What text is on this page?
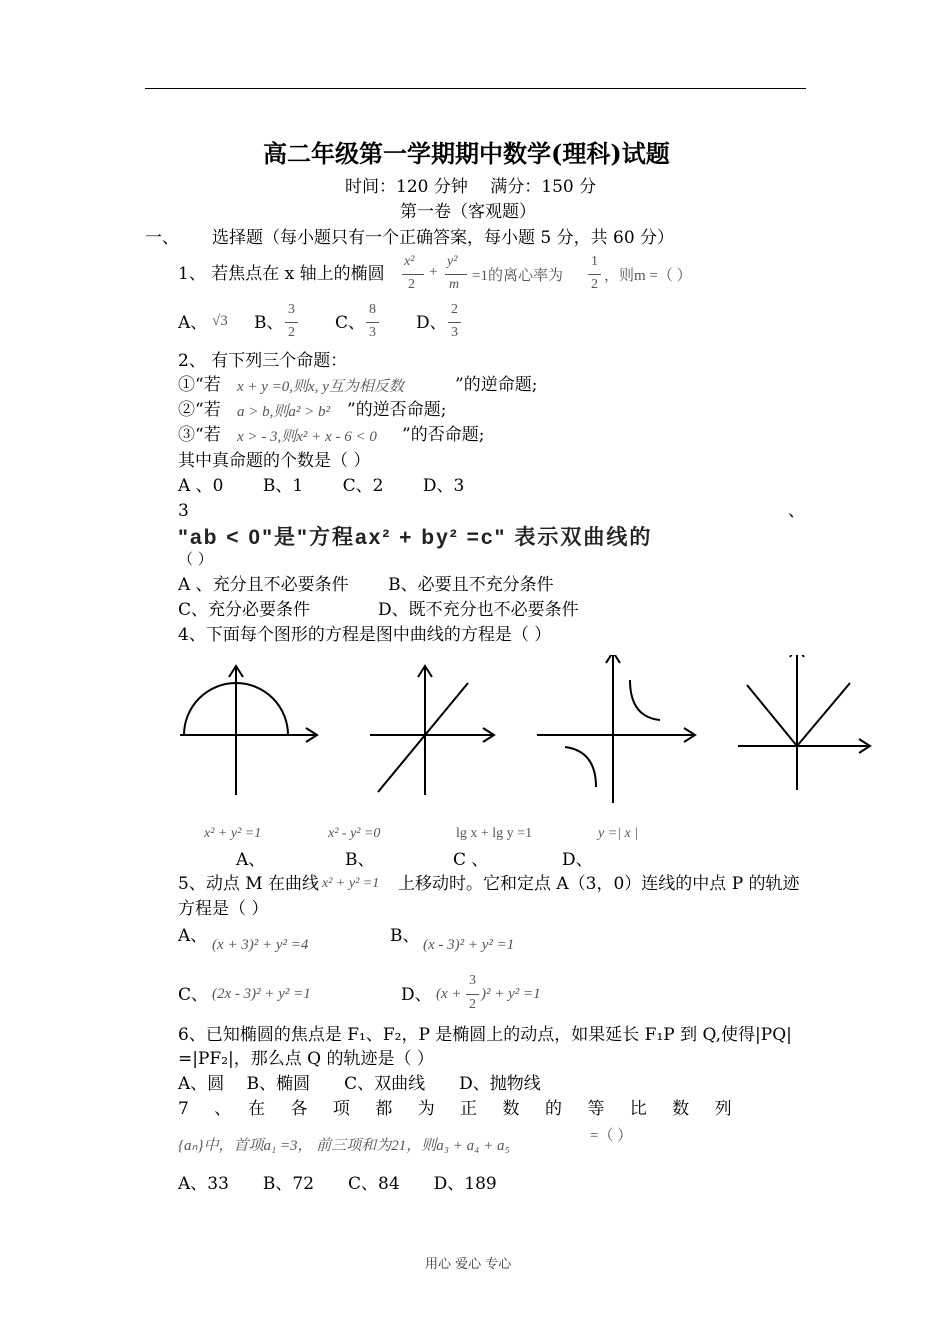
高二年级第一学期期中数学(理科)试题
时间：120 分钟　 满分：150 分
第一卷（客观题）
一、 选择题（每小题只有一个正确答案，每小题 5 分，共 60 分）
1、 若焦点在 x 轴上的椭圆
x²
2
+
y²
m
=1的离心率为
1
2
，则m =（ ）
A、 √3 B、
3
2 C、
8
3 D、
2
3
2、 有下列三个命题：
①“若 x + y =0,则x, y互为相反数	”的逆命题;
②“若 a > b,则a² > b² ”的逆否命题;
③“若 x > - 3,则x² + x - 6 < 0 ”的否命题;
其中真命题的个数是（ ）
A 、0　　 B、1　　 C、2　　 D、3
3	、
"ab < 0"是"方程ax² + by² =c" 表示双曲线的
（ ）
A 、充分且不必要条件　　 B、必要且不充分条件
C、充分必要条件　　　　D、既不充分也不必要条件
4、下面每个图形的方程是图中曲线的方程是（ ）
x² + y² =1	x² - y² =0	lg x + lg y =1	y =| x |
A、	B、	C 、	D、
5、动点 M 在曲线 x² + y² =1 上移动时。它和定点 A（3，0）连线的中点 P 的轨迹
方程是（ ）
A、 (x + 3)² + y² =4	B、 (x - 3)² + y² =1
C、 (2x - 3)² + y² =1	D、 (x +
3
2
)² + y² =1
6、已知椭圆的焦点是 F₁、F₂，P 是椭圆上的动点，如果延长 F₁P 到 Q,使得|PQ|
=|PF₂|，那么点 Q 的轨迹是（ ）
A、圆　 B、椭圆　　C、双曲线　　D、抛物线
7　 、　 在　 各　 项　 都　 为　 正　 数　 的　 等　 比　 数　 列
{aₙ}中，首项a₁ =3， 前三项和为21，则a₃ + a₄ + a₅
=（ ）
A、33　　B、72　　C、84　　D、189
用心 爱心 专心
